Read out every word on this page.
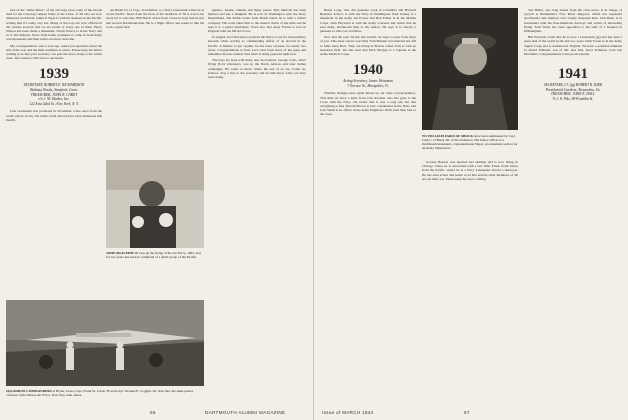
tion of the “Alma Mater” of the old song were some of the bloods dred for the Carrying campus Some of the Class. of '39 who are now dispersed worldwide. James P. Egan is with the Seabees in the Pacific, writing that it’s really very hot. Many of the boys are now officers in the various services and we are proud of every one of them. Harry Wilson has been made a lieutenant. Chuck Pearce is in the Navy and so is Ted Roberts. News from home continues to come in from many correspondents and their letters are most welcome.

My correspondence, who a year ago, asked you questions about the end of the war, and the mail continues to arrive. Please keep the letters coming in so that your secretary can pass the news along to the whole class. The Green is still close to our hearts.

1939
SECRETARY, ROBERT E. RICHARDSON
Bethany Woods, Stamford, Conn.
TREASURER, JOHN R. CAREY
c/o J. M. Mathes, Inc.
122 East 42nd St., New York, N. Y.

Jack Goldbaum was promoted in November. Class news from the south arrives slowly but letters from abroad have been numerous this month.

SQUADRON COMMANDERS at Bryan, Texas, Capt. Frank W. Curtis '39 and Capt. Thomas E. Coggins '40, both flew the same planes overseas with Chinese Air Force. Now they train others.

ant Heath for 12 boys. Ted Dunbar, is a Navy Lieutenant writes he is on the Pacific. News from the front of the members of '39 is scarce but every bit is welcome. Bill Harris writes from a base in Italy that he has met several Dartmouth men. He is a flight officer and seems to like his work a great deal.

JOHN McALPINE III took up the flying of the Air Force, 1943, and for two years has been in command of a small group of the Pacific.

Quebec, Seattle, Omaha and many points. Bob Sullivan has been married and has a daughter. He is now in Washington with the Navy Department. Jim Walsh writes from Brazil where he is with a rubber company. His work takes him to the interior much of the time and he says it is a grand experience. Word also that Andy Forbes is now in England with the 8th Air Force.

In August, Earl Stevenson received the Navy Cross for extraordinary heroism while serving as commanding officer of an aircraft in the Pacific. A Marine Corps captain, he has been overseas for nearly two years. Congratulations to Earl. Let’s hear from more of the gang and remember that the annual class letter is being prepared right now.

The boys are back with many new decorations. George Coho, who's flying B-24 Liberators, was in the North African and later Italian campaigns. He wants to know where the rest of us are. Come on, fellows, drop a line to the secretary and let him know what you have been doing.

56	DARTMOUTH ALUMNI MAGAZINE

Burne Long, who did graduate work at Columbia and Harvard Business School, is with the Navy in Washington. Paul Tenney is a lieutenant in the Army Air Forces and Bob Fisher is in the Marine Corps. John Hayward is with the Army overseas and writes that he sees many Dartmouth men at his station. He says it is always a pleasure to talk over old times.

Now that the year '44 has just started, we hope to hear from more of you. This issue carries word that Tom Bennett was married last fall to Miss Alice Holt. They are living in Boston where Tom is with an insurance firm. We also hear that Dick Morgan is a Captain in the Army Medical Corps.

1940
Acting Secretary, James Weissman
7 Terrace St., Montpelier, Vt.

Wartime changes have again mixed up our class correspondence. This time we have a letter from Jack Rossiter who has gone to the Coast with the Navy. He writes that it was a long trip but that everything is fine. Harold Brown is now a lieutenant in the Navy and Jack Small is an officer in the Army Engineers. Both send their best to the class.

TO WILLIAM FARIS OF SHOCK have been summoned by Capt. John C. O’Brien '40, of the Ordnance. His fellow officer is a Dartmouth lieutenant, a Quartermaster Depot, procurement section for all Army Subsistence.

Gordon Benson was married last summer and is now living in Chicago where he is associated with a law firm. Frank Clark writes from the Pacific, where he is a Navy Lieutenant aboard a destroyer. He has seen action and sends word that several other members of '40 are out there too. Please keep the news coming.

Ted Miller, also long absent from the class news, is in charge of payroll at Bethlehem’s Fore River shipyard, which has expanded enormously and employs over twenty thousand men. Jack Bates is in Guatemala with the Pan-American Airways and writes of interesting flying. Tom Waite has been appointed to the staff of a hospital in Philadelphia.

Bill Edwards writes that he is now a Lieutenant (jg) and has seen a great deal of the world in the last two years. Dick Foster is in the Army Signal Corps and is stationed in Virginia. We have a potential alumnus in David Edmund, son of Mr. and Mrs. Dave Edmund, born last December. Congratulations to the proud parents.

1941
SECRETARY, LT. (jg) ROBERT R. KIRK
Presidential Gardens, Alexandria, Va.
TREASURER, JOHN E. HALL
% J. P. Pike, 88 Franklin St.
Issue of MARCH 1944	57
